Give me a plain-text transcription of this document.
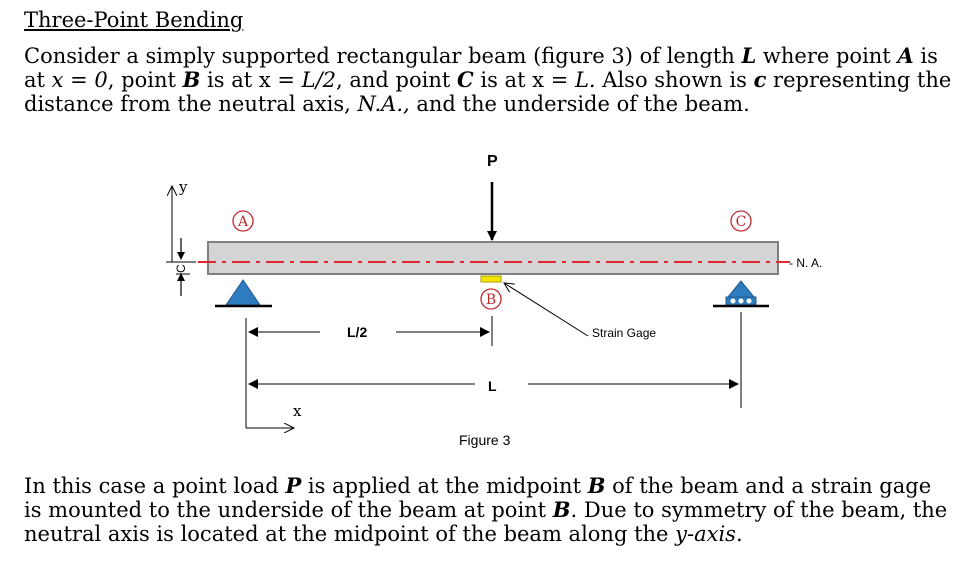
Three-Point Bending

Consider a simply supported rectangular beam (figure 3) of length L where point A is at x = 0, point B is at x = L/2, and point C is at x = L. Also shown is c representing the distance from the neutral axis, N.A., and the underside of the beam.

P
y
C	- N. A.
A	C
B
Strain Gage
L/2
L
x
Figure 3

In this case a point load P is applied at the midpoint B of the beam and a strain gage is mounted to the underside of the beam at point B. Due to symmetry of the beam, the neutral axis is located at the midpoint of the beam along the y-axis.
